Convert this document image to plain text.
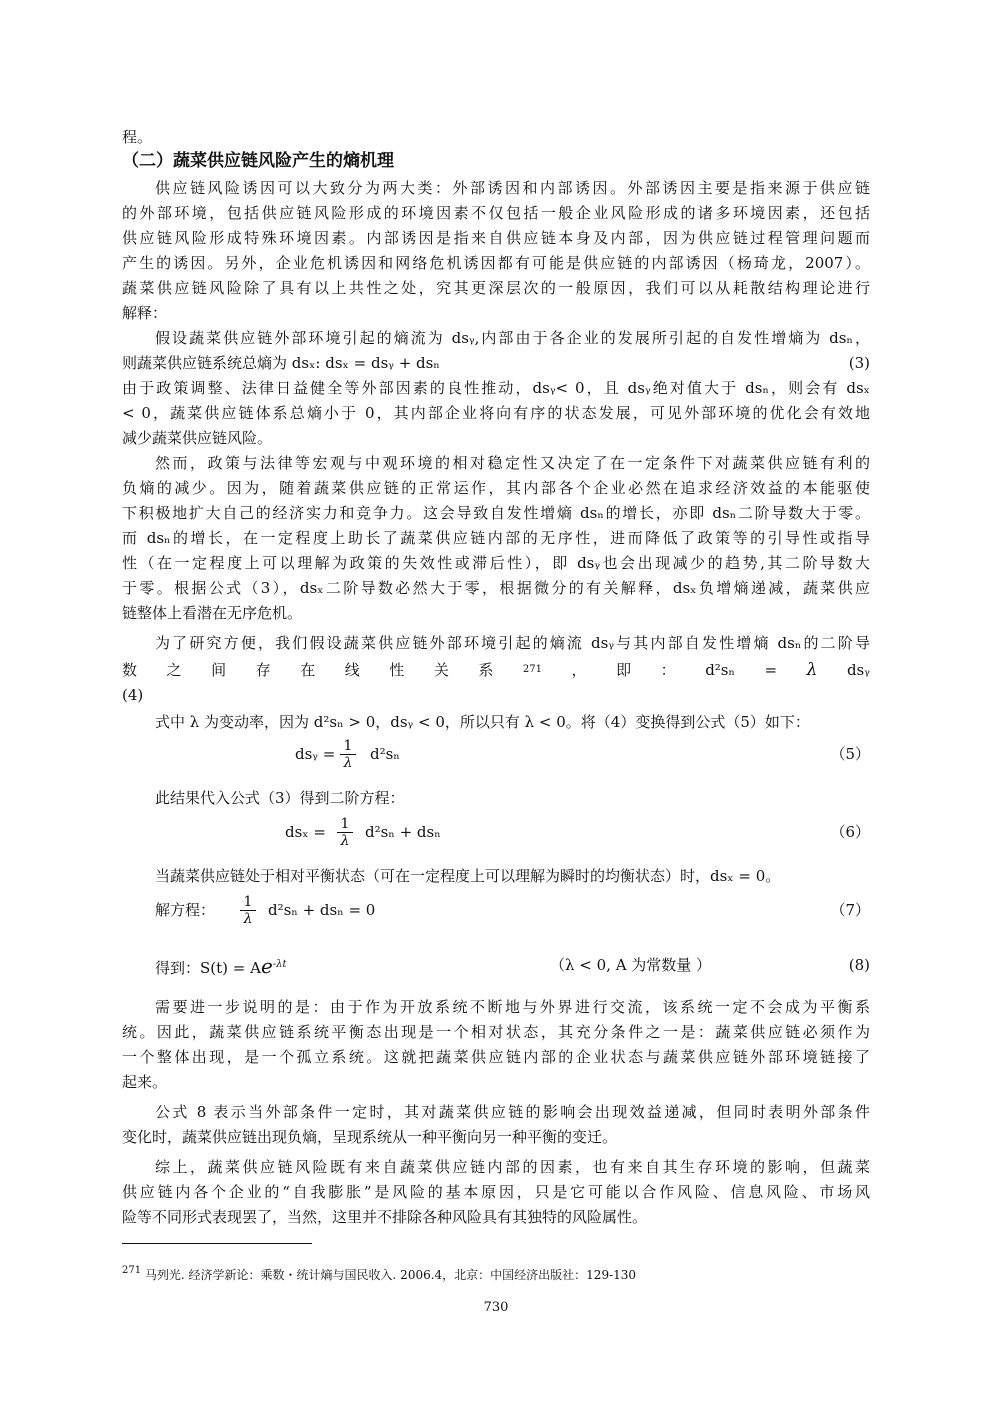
程。
（二）蔬菜供应链风险产生的熵机理
供应链风险诱因可以大致分为两大类：外部诱因和内部诱因。外部诱因主要是指来源于供应链
的外部环境，包括供应链风险形成的环境因素不仅包括一般企业风险形成的诸多环境因素，还包括
供应链风险形成特殊环境因素。内部诱因是指来自供应链本身及内部，因为供应链过程管理问题而
产生的诱因。另外，企业危机诱因和网络危机诱因都有可能是供应链的内部诱因（杨琦龙，2007）。
蔬菜供应链风险除了具有以上共性之处，究其更深层次的一般原因，我们可以从耗散结构理论进行
解释：
假设蔬菜供应链外部环境引起的熵流为 dsᵧ,内部由于各企业的发展所引起的自发性增熵为 dsₙ，
则蔬菜供应链系统总熵为 dsₓ: dsₓ = dsᵧ + dsₙ	(3)
由于政策调整、法律日益健全等外部因素的良性推动，dsᵧ< 0，且 dsᵧ绝对值大于 dsₙ，则会有 dsₓ
< 0，蔬菜供应链体系总熵小于 0，其内部企业将向有序的状态发展，可见外部环境的优化会有效地
减少蔬菜供应链风险。
然而，政策与法律等宏观与中观环境的相对稳定性又决定了在一定条件下对蔬菜供应链有利的
负熵的减少。因为，随着蔬菜供应链的正常运作，其内部各个企业必然在追求经济效益的本能驱使
下积极地扩大自己的经济实力和竞争力。这会导致自发性增熵 dsₙ的增长，亦即 dsₙ二阶导数大于零。
而 dsₙ的增长，在一定程度上助长了蔬菜供应链内部的无序性，进而降低了政策等的引导性或指导
性（在一定程度上可以理解为政策的失效性或滞后性），即 dsᵧ也会出现减少的趋势,其二阶导数大
于零。根据公式（3），dsₓ二阶导数必然大于零，根据微分的有关解释，dsₓ负增熵递减，蔬菜供应
链整体上看潜在无序危机。
为了研究方便，我们假设蔬菜供应链外部环境引起的熵流 dsᵧ与其内部自发性增熵 dsₙ的二阶导
数 之 间 存 在 线 性 关 系	271 ， 即 ： d²sₙ = λ dsᵧ
(4)
式中 λ 为变动率，因为 d²sₙ > 0，dsᵧ < 0，所以只有 λ < 0。将（4）变换得到公式（5）如下：
dsᵧ = $\frac{1}{\lambda} d^2s_n$	（5）
此结果代入公式（3）得到二阶方程：
$ds_x = \frac{1}{\lambda} d^2s_n + ds_n$	（6）
当蔬菜供应链处于相对平衡状态（可在一定程度上可以理解为瞬时的均衡状态）时，dsₓ = 0。
解方程：	$\frac{1}{\lambda} d^2s_n + ds_n = 0$	（7）
得到：$S(t) = Ae^{-\lambda t}$	（λ < 0, A 为常数量 ）	(8)
需要进一步说明的是：由于作为开放系统不断地与外界进行交流，该系统一定不会成为平衡系
统。因此，蔬菜供应链系统平衡态出现是一个相对状态，其充分条件之一是：蔬菜供应链必须作为
一个整体出现，是一个孤立系统。这就把蔬菜供应链内部的企业状态与蔬菜供应链外部环境链接了
起来。
公式 8 表示当外部条件一定时，其对蔬菜供应链的影响会出现效益递减，但同时表明外部条件
变化时，蔬菜供应链出现负熵，呈现系统从一种平衡向另一种平衡的变迁。
综上，蔬菜供应链风险既有来自蔬菜供应链内部的因素，也有来自其生存环境的影响，但蔬菜
供应链内各个企业的“自我膨胀”是风险的基本原因，只是它可能以合作风险、信息风险、市场风
险等不同形式表现罢了，当然，这里并不排除各种风险具有其独特的风险属性。
$^{271}$ 马列光. 经济学新论：乘数・统计熵与国民收入. 2006.4，北京：中国经济出版社：129-130
730
